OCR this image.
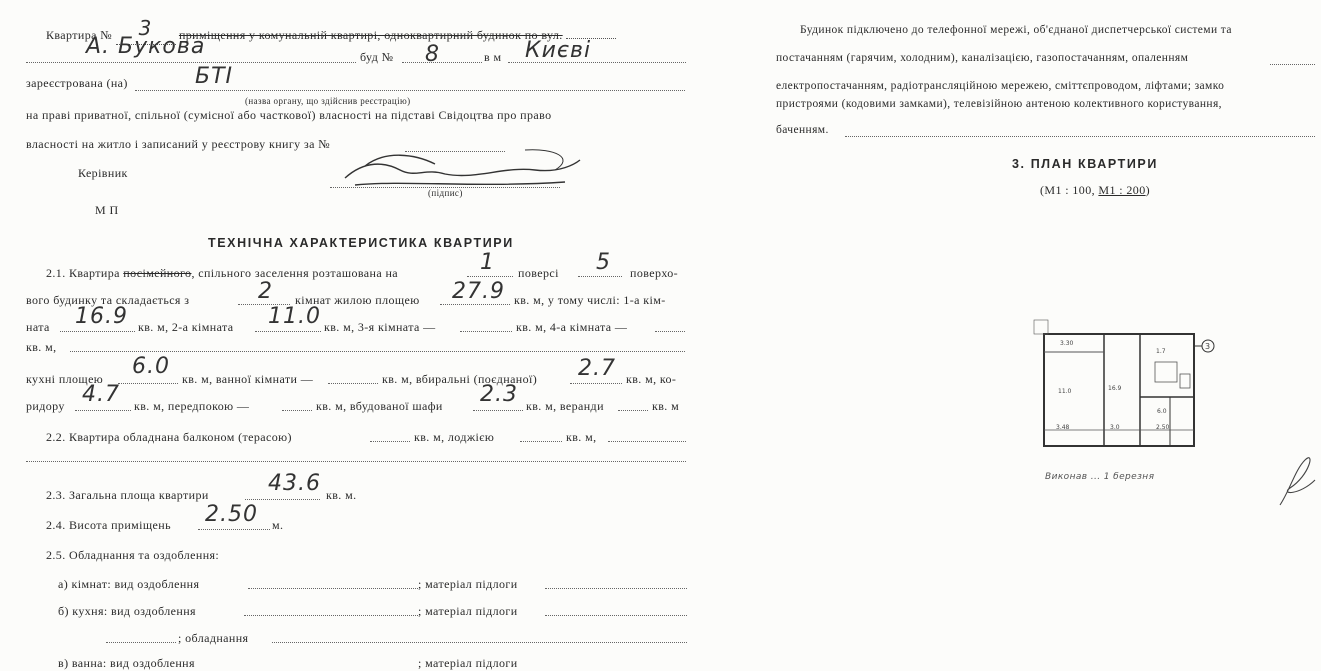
Квартира № 3 приміщення у комунальній квартирі, одноквартирний будинок по вул.
А. Букова	буд № 8	в м Києві
зареєстрована (на)	БТІ
(назва органу, що здійснив реєстрацію)
на праві приватної, спільної (сумісної або часткової) власності на підставі Свідоцтва про право
власності на житло і записаний у реєстрову книгу за №
Керівник
(підпис)
М П
ТЕХНІЧНА ХАРАКТЕРИСТИКА КВАРТИРИ
2.1. Квартира посімейного, спільного заселення розташована на	1 поверсі 5 поверхо-
вого будинку та складається з	2 кімнат жилою площею 27.9 кв. м, у тому числі: 1-а кім-
ната 16.9 кв. м, 2-а кімната 11.0 кв. м, 3-я кімната —	кв. м, 4-а кімната —
кв. м,
кухні площею 6.0 кв. м, ванної кімнати —	кв. м, вбиральні (поєднаної) 2.7 кв. м, ко-
ридору 4.7 кв. м, передпокою —	кв. м, вбудованої шафи 2.3 кв. м, веранди	кв. м
2.2. Квартира обладнана балконом (терасою)	кв. м, лоджією	кв. м,
2.3. Загальна площа квартири	43.6 кв. м.
2.4. Висота приміщень 2.50 м.
2.5. Обладнання та оздоблення:
а) кімнат: вид оздоблення	; матеріал підлоги
б) кухня: вид оздоблення	; матеріал підлоги
; обладнання
в) ванна: вид оздоблення	; матеріал підлоги
Будинок підключено до телефонної мережі, об'єднаної диспетчерської системи та
постачанням (гарячим, холодним), каналізацією, газопостачанням, опаленням
електропостачанням, радіотрансляційною мережею, сміттєпроводом, ліфтами; замко
пристроями (кодовими замками), телевізійною антеною колективного користування,
баченням.
3. ПЛАН КВАРТИРИ
(М1 : 100, М1 : 200)
3
3.30
11.0	16.9
1.7
6.0
3.48	3.0	2.50
Виконав ... 1 березня
